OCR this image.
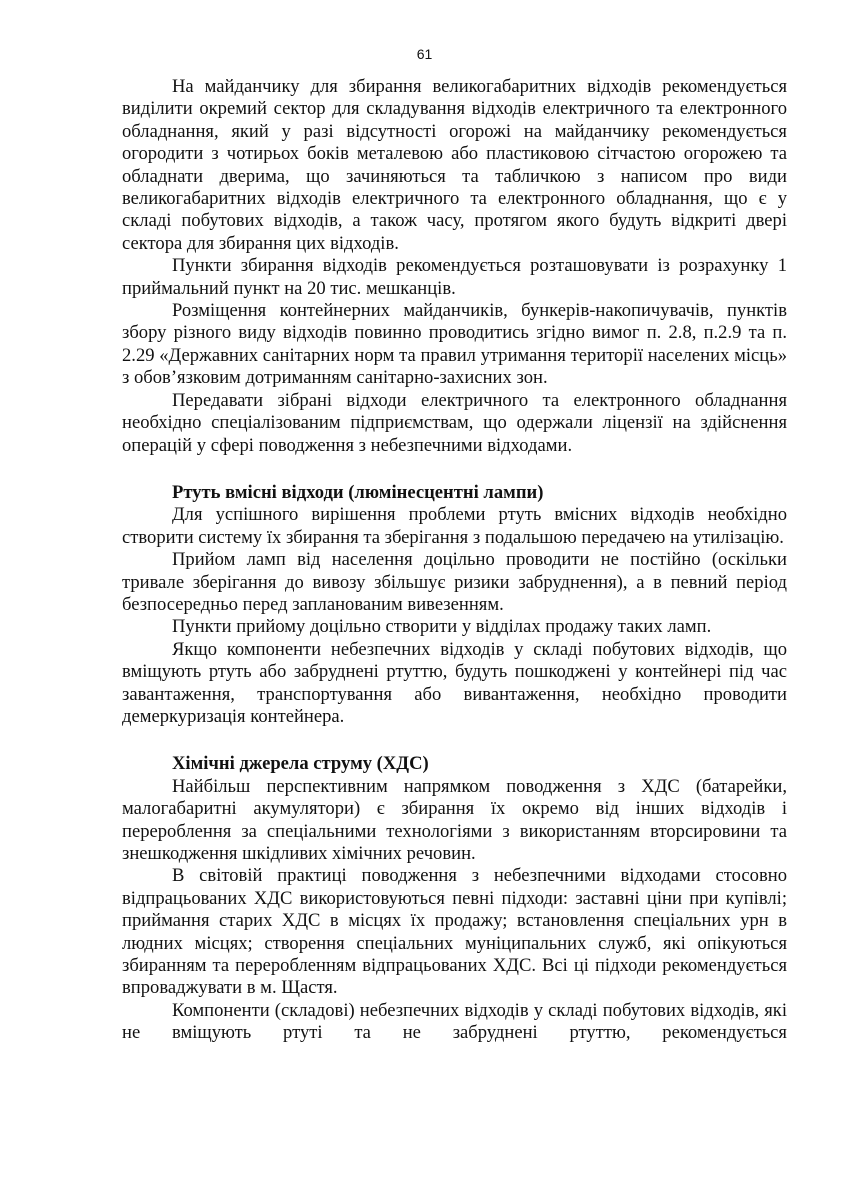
61

На майданчику для збирання великогабаритних відходів рекомендується виділити окремий сектор для складування відходів електричного та електронного обладнання, який у разі відсутності огорожі на майданчику рекомендується огородити з чотирьох боків металевою або пластиковою сітчастою огорожею та обладнати дверима, що зачиняються та табличкою з написом про види великогабаритних відходів електричного та електронного обладнання, що є у складі побутових відходів, а також часу, протягом якого будуть відкриті двері сектора для збирання цих відходів.

Пункти збирання відходів рекомендується розташовувати із розрахунку 1 приймальний пункт на 20 тис. мешканців.

Розміщення контейнерних майданчиків, бункерів-накопичувачів, пунктів збору різного виду відходів повинно проводитись згідно вимог п. 2.8, п.2.9 та п. 2.29 «Державних санітарних норм та правил утримання території населених місць» з обов’язковим дотриманням санітарно-захисних зон.

Передавати зібрані відходи електричного та електронного обладнання необхідно спеціалізованим підприємствам, що одержали ліцензії на здійснення операцій у сфері поводження з небезпечними відходами.

Ртуть вмісні відходи (люмінесцентні лампи)

Для успішного вирішення проблеми ртуть вмісних відходів необхідно створити систему їх збирання та зберігання з подальшою передачею на утилізацію.

Прийом ламп від населення доцільно проводити не постійно (оскільки тривале зберігання до вивозу збільшує ризики забруднення), а в певний період безпосередньо перед запланованим вивезенням.

Пункти прийому доцільно створити у відділах продажу таких ламп.

Якщо компоненти небезпечних відходів у складі побутових відходів, що вміщують ртуть або забруднені ртуттю, будуть пошкоджені у контейнері під час завантаження, транспортування або вивантаження, необхідно проводити демеркуризація контейнера.

Хімічні джерела струму (ХДС)

Найбільш перспективним напрямком поводження з ХДС (батарейки, малогабаритні акумулятори) є збирання їх окремо від інших відходів і перероблення за спеціальними технологіями з використанням вторсировини та знешкодження шкідливих хімічних речовин.

В світовій практиці поводження з небезпечними відходами стосовно відпрацьованих ХДС використовуються певні підходи: заставні ціни при купівлі; приймання старих ХДС в місцях їх продажу; встановлення спеціальних урн в людних місцях; створення спеціальних муніципальних служб, які опікуються збиранням та переробленням відпрацьованих ХДС. Всі ці підходи рекомендується впроваджувати в м. Щастя.

Компоненти (складові) небезпечних відходів у складі побутових відходів, які не вміщують ртуті та не забруднені ртуттю, рекомендується
